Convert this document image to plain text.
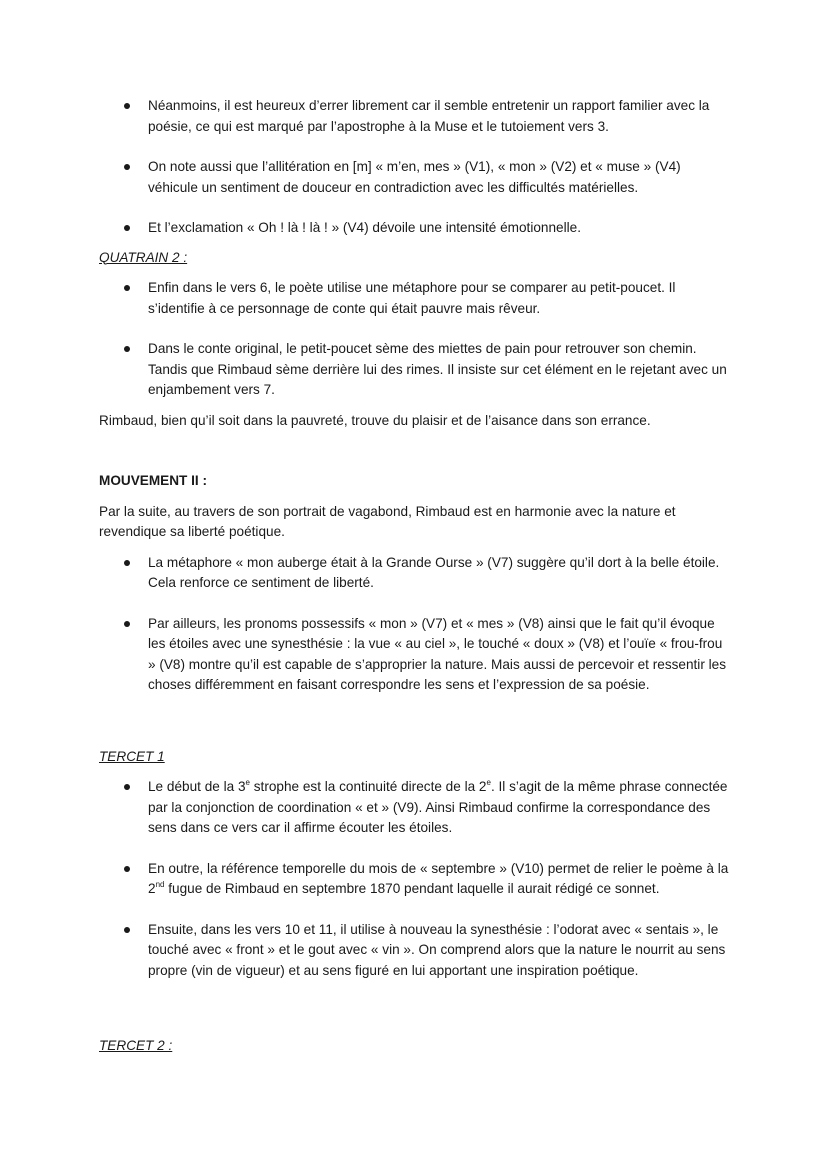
Néanmoins, il est heureux d’errer librement car il semble entretenir un rapport familier avec la poésie, ce qui est marqué par l’apostrophe à la Muse et le tutoiement vers 3.
On note aussi que l’allitération en [m] « m’en, mes » (V1), « mon » (V2) et « muse » (V4) véhicule un sentiment de douceur en contradiction avec les difficultés matérielles.
Et l’exclamation « Oh ! là ! là ! » (V4) dévoile une intensité émotionnelle.
QUATRAIN 2 :
Enfin dans le vers 6, le poète utilise une métaphore pour se comparer au petit-poucet. Il s’identifie à ce personnage de conte qui était pauvre mais rêveur.
Dans le conte original, le petit-poucet sème des miettes de pain pour retrouver son chemin. Tandis que Rimbaud sème derrière lui des rimes. Il insiste sur cet élément en le rejetant avec un enjambement vers 7.

Rimbaud, bien qu’il soit dans la pauvreté, trouve du plaisir et de l’aisance dans son errance.

MOUVEMENT II :

Par la suite, au travers de son portrait de vagabond, Rimbaud est en harmonie avec la nature et revendique sa liberté poétique.

La métaphore « mon auberge était à la Grande Ourse » (V7) suggère qu’il dort à la belle étoile. Cela renforce ce sentiment de liberté.
Par ailleurs, les pronoms possessifs « mon » (V7) et « mes » (V8) ainsi que le fait qu’il évoque les étoiles avec une synesthésie : la vue « au ciel », le touché « doux » (V8) et l’ouïe « frou-frou » (V8) montre qu’il est capable de s’approprier la nature. Mais aussi de percevoir et ressentir les choses différemment en faisant correspondre les sens et l’expression de sa poésie.
TERCET 1
Le début de la 3e strophe est la continuité directe de la 2e. Il s’agit de la même phrase connectée par la conjonction de coordination « et » (V9). Ainsi Rimbaud confirme la correspondance des sens dans ce vers car il affirme écouter les étoiles.
En outre, la référence temporelle du mois de « septembre » (V10) permet de relier le poème à la 2nd fugue de Rimbaud en septembre 1870 pendant laquelle il aurait rédigé ce sonnet.
Ensuite, dans les vers 10 et 11, il utilise à nouveau la synesthésie : l’odorat avec « sentais », le touché avec « front » et le gout avec « vin ». On comprend alors que la nature le nourrit au sens propre (vin de vigueur) et au sens figuré en lui apportant une inspiration poétique.
TERCET 2 :
